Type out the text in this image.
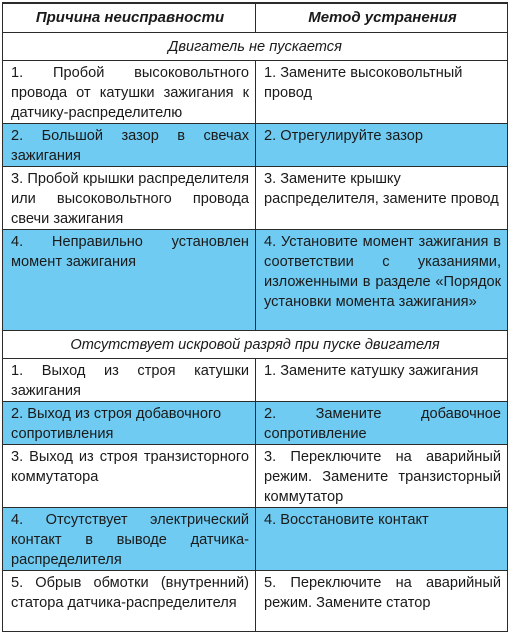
Причина неисправности	Метод устранения
Двигатель не пускается	
1. Пробой высоковольтного провода от катушки зажигания к датчику-распределителю	1. Замените высоковольтный провод
2. Большой зазор в свечах зажигания	2. Отрегулируйте зазор
3. Пробой крышки распределителя или высоковольтного провода свечи зажигания	3. Замените крышку распределителя, замените провод
4. Неправильно установлен момент зажигания	4. Установите момент зажигания в соответствии с указаниями, изложенными в разделе «Порядок установки момента зажигания»
Отсутствует искровой разряд при пуске двигателя	
1. Выход из строя катушки зажигания	1. Замените катушку зажигания
2. Выход из строя добавочного сопротивления	2. Замените добавочное сопротивление
3. Выход из строя транзисторного коммутатора	3. Переключите на аварийный режим. Замените транзисторный коммутатор
4. Отсутствует электрический контакт в выводе датчика-распределителя	4. Восстановите контакт
5. Обрыв обмотки (внутренний) статора датчика-распределителя	5. Переключите на аварийный режим. Замените статор
